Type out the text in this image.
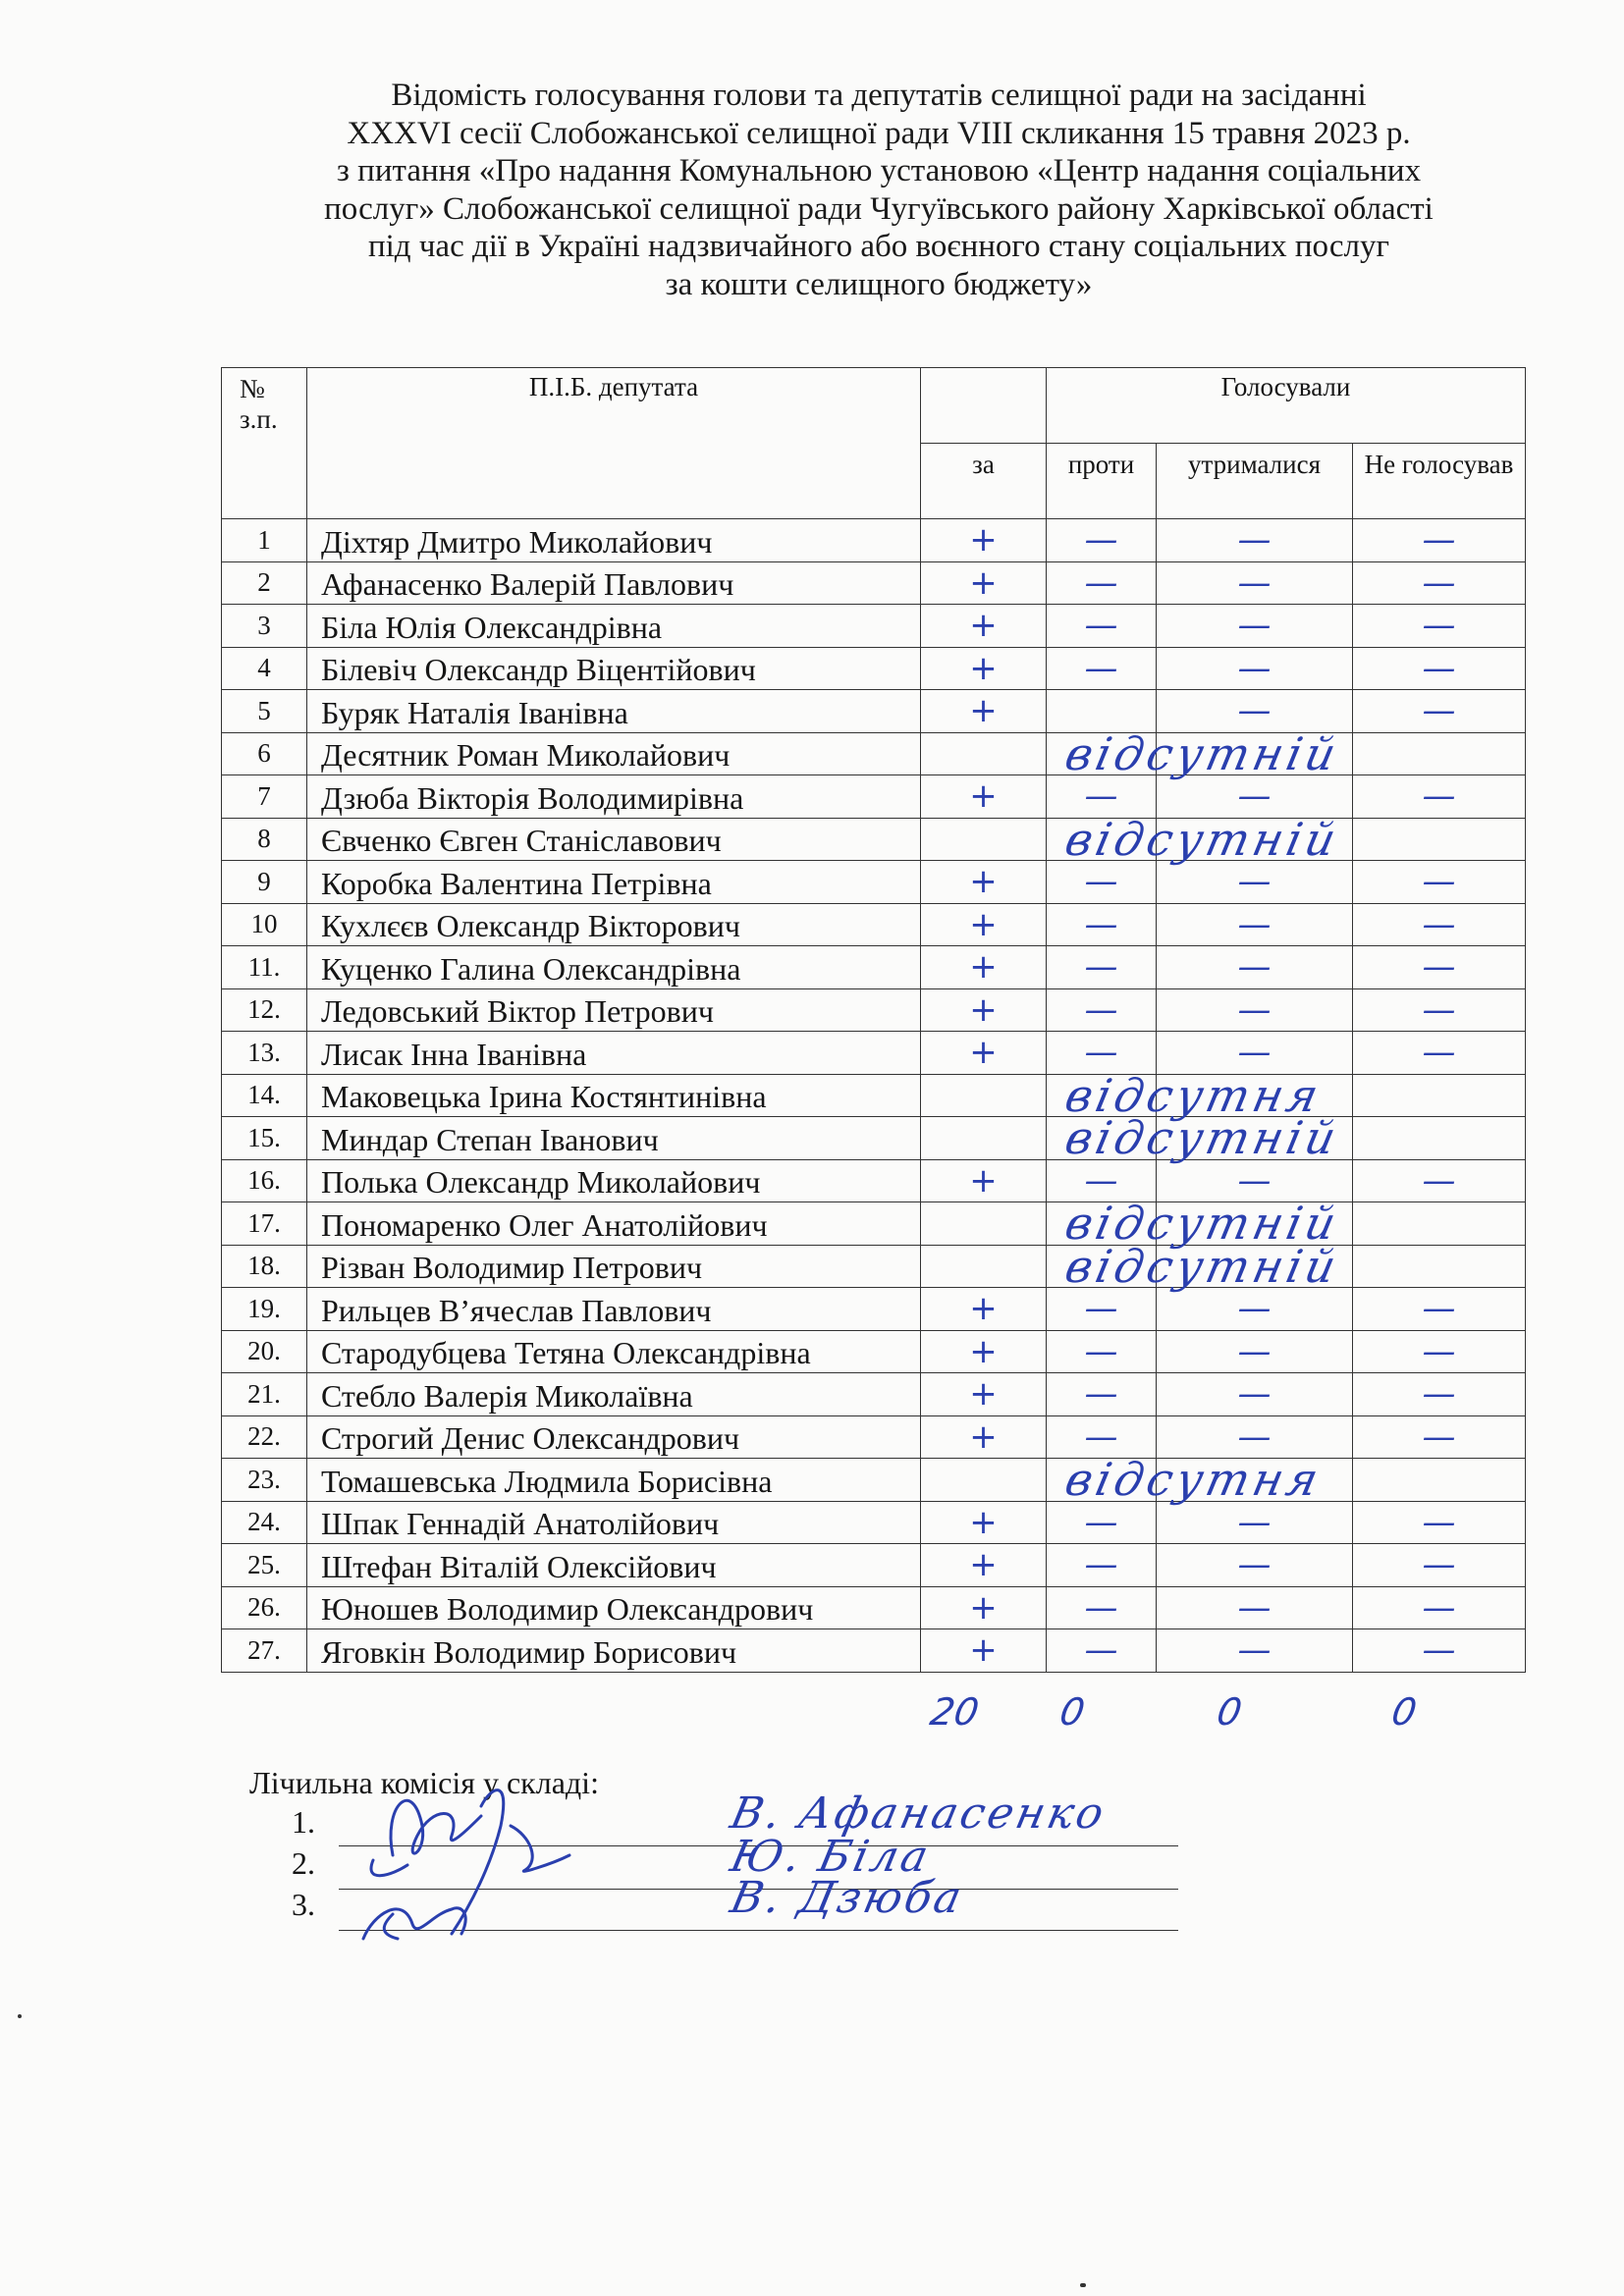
Відомість голосування голови та депутатів селищної ради на засіданні
XXXVI сесії Слобожанської селищної ради VIII скликання 15 травня 2023 р.
з питання «Про надання Комунальною установою «Центр надання соціальних
послуг» Слобожанської селищної ради Чугуївського району Харківської області
під час дії в Україні надзвичайного або воєнного стану соціальних послуг
за кошти селищного бюджету»
№ з.п.	П.І.Б. депутата		Голосували		
		за	проти	утрималися	Не голосував
1	Діхтяр Дмитро Миколайович	+	—	—	—
2	Афанасенко Валерій Павлович	+	—	—	—
3	Біла Юлія Олександрівна	+	—	—	—
4	Білевіч Олександр Віцентійович	+	—	—	—
5	Буряк Наталія Іванівна	+		—	—
6	Десятник Роман Миколайович		відсутній		

7	Дзюба Вікторія Володимирівна	+	—	—	—
8	Євченко Євген Станіславович		відсутній		

9	Коробка Валентина Петрівна	+	—	—	—
10	Кухлєєв Олександр Вікторович	+	—	—	—
11.	Куценко Галина Олександрівна	+	—	—	—
12.	Ледовський Віктор Петрович	+	—	—	—
13.	Лисак Інна Іванівна	+	—	—	—
14.	Маковецька Ірина Костянтинівна		відсутня		

15.	Миндар Степан Іванович		відсутній		

16.	Полька Олександр Миколайович	+	—	—	—
17.	Пономаренко Олег Анатолійович		відсутній		

18.	Різван Володимир Петрович		відсутній		

19.	Рильцев В’ячеслав Павлович	+	—	—	—
20.	Стародубцева Тетяна Олександрівна	+	—	—	—
21.	Стебло Валерія Миколаївна	+	—	—	—
22.	Строгий Денис Олександрович	+	—	—	—
23.	Томашевська Людмила Борисівна		відсутня		

24.	Шпак Геннадій Анатолійович	+	—	—	—
25.	Штефан Віталій Олексійович	+	—	—	—
26.	Юношев Володимир Олександрович	+	—	—	—
27.	Яговкін Володимир Борисович	+	—	—	—
20 0	0	0
Лічильна комісія у складі:
1.	В. Афанасенко
2.	Ю. Біла
3.	В. Дзюба
